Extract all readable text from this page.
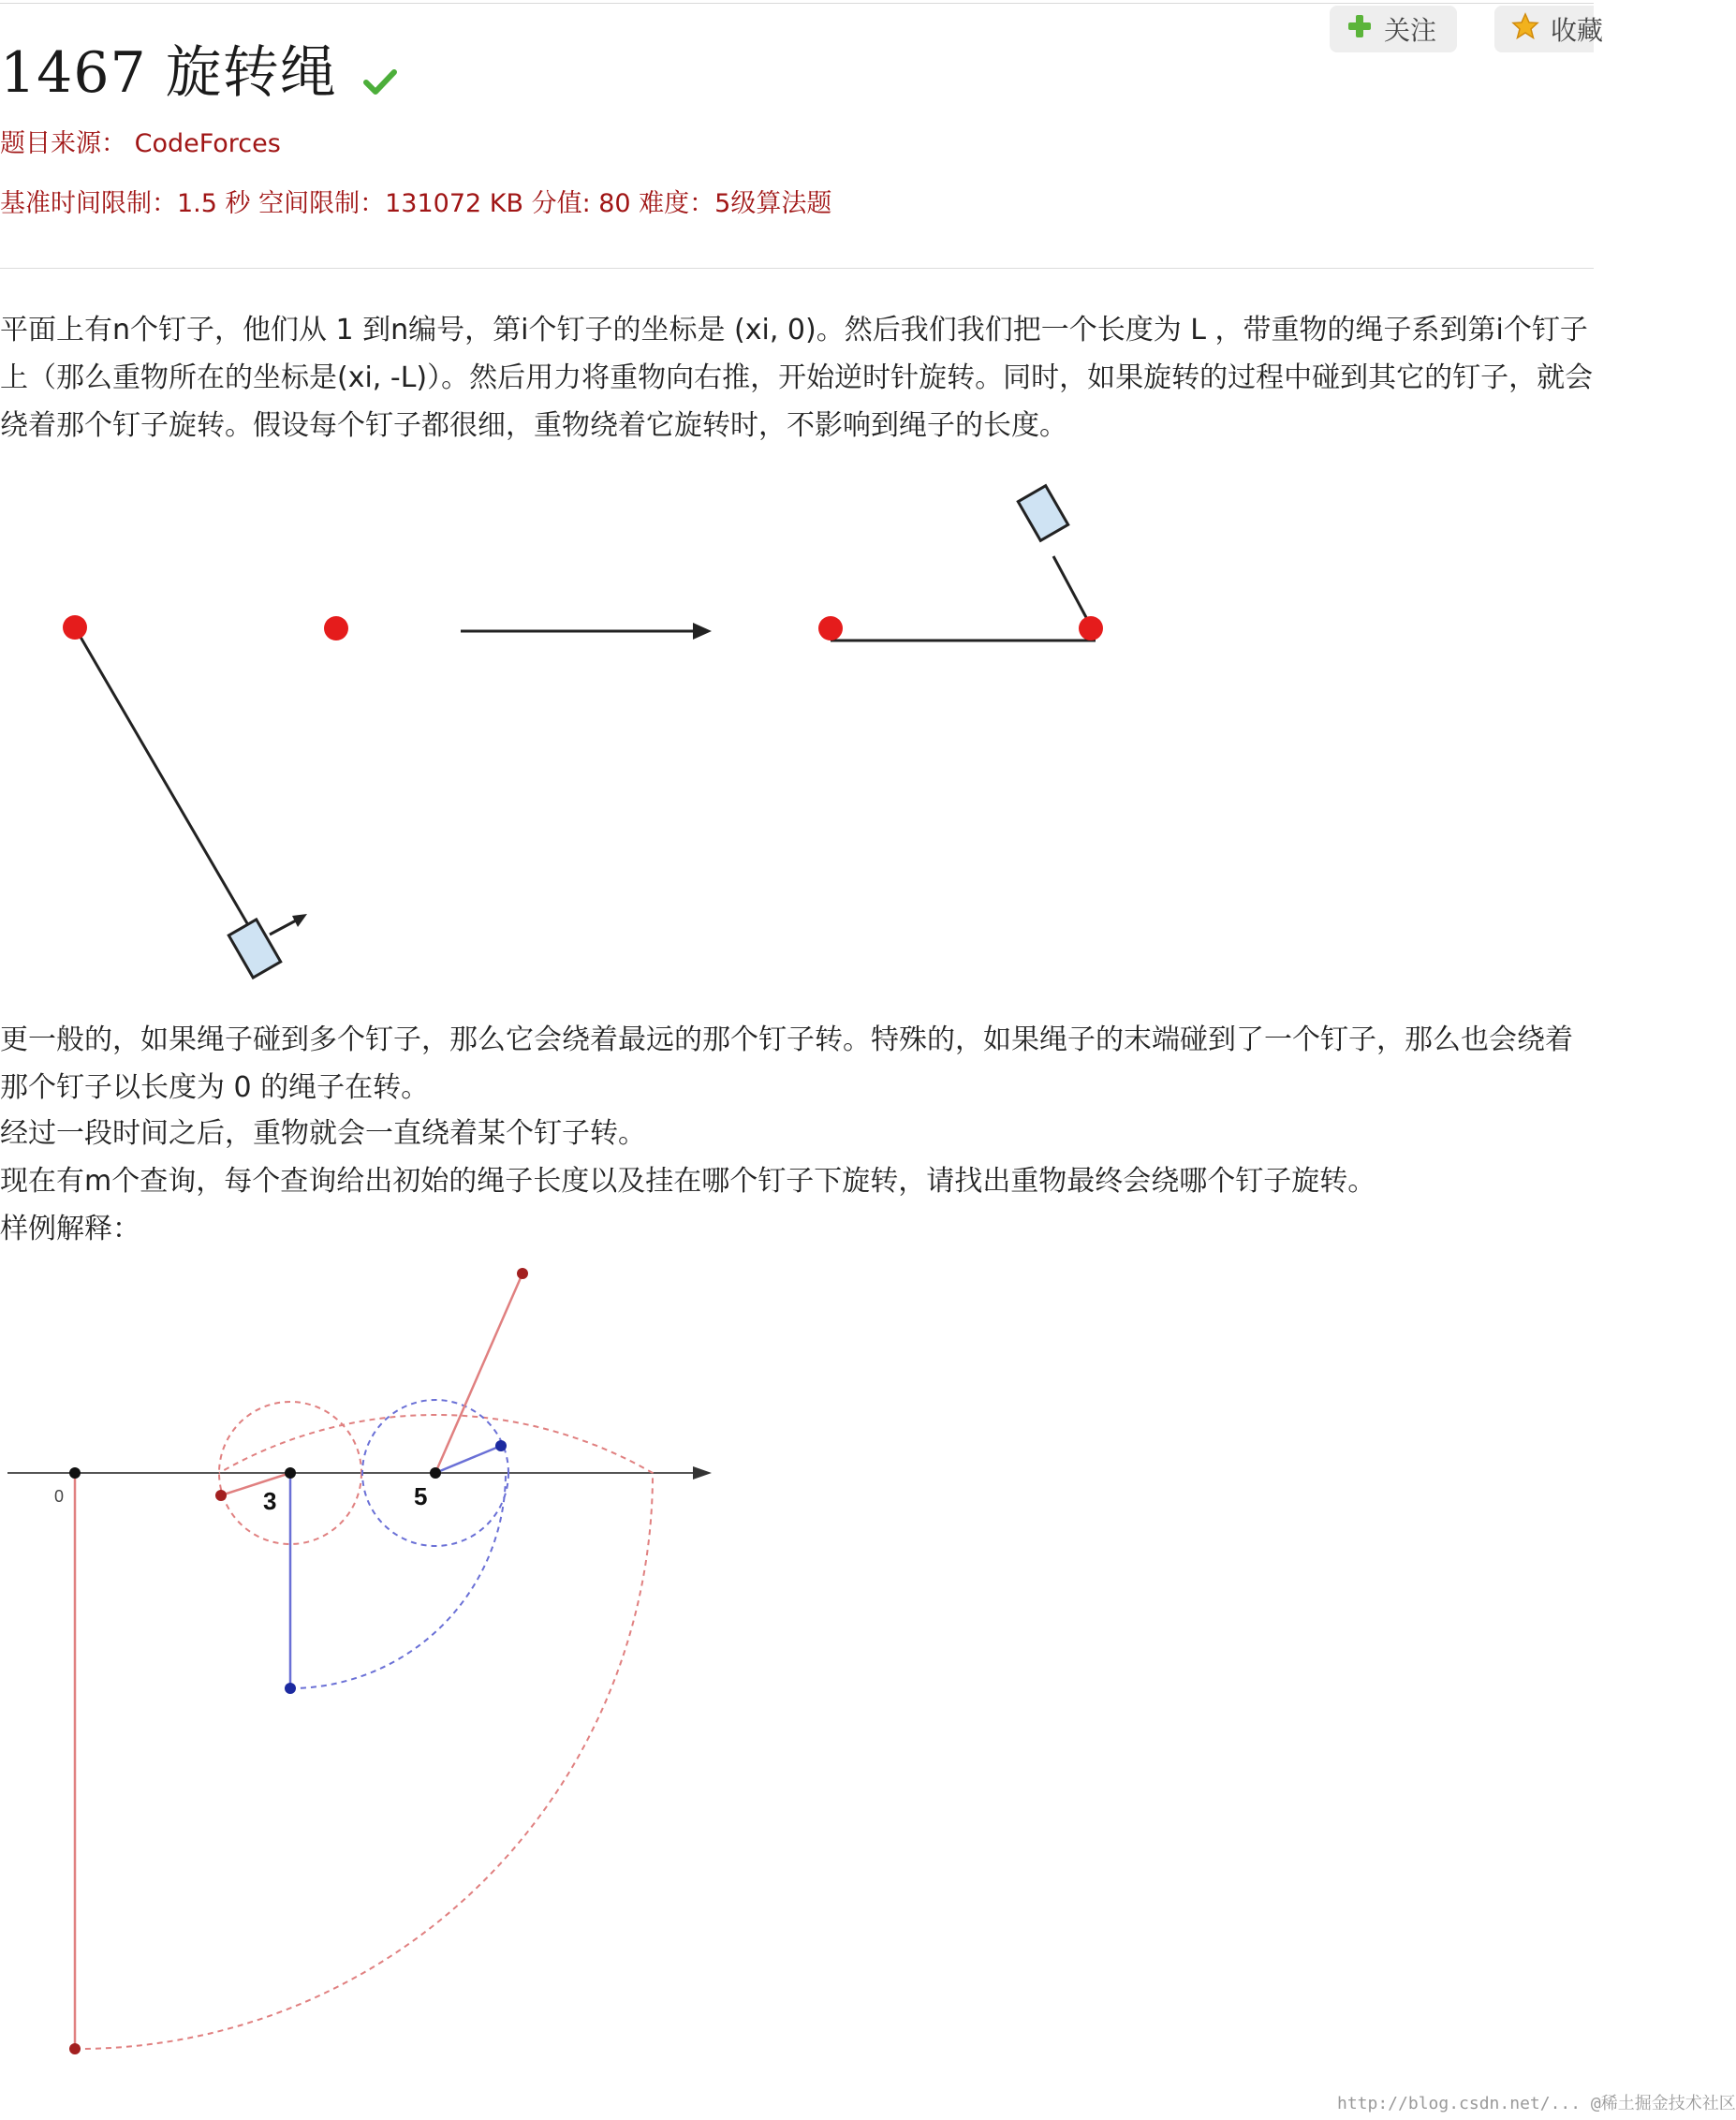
1467 旋转绳
关注	收藏
题目来源： CodeForces
基准时间限制：1.5 秒 空间限制：131072 KB 分值: 80 难度：5级算法题

平面上有n个钉子，他们从 1 到n编号，第i个钉子的坐标是 (xi, 0)。然后我们我们把一个长度为 L ，带重物的绳子系到第i个钉子上（那么重物所在的坐标是(xi, -L)）。然后用力将重物向右推，开始逆时针旋转。同时，如果旋转的过程中碰到其它的钉子，就会绕着那个钉子旋转。假设每个钉子都很细，重物绕着它旋转时，不影响到绳子的长度。

更一般的，如果绳子碰到多个钉子，那么它会绕着最远的那个钉子转。特殊的，如果绳子的末端碰到了一个钉子，那么也会绕着那个钉子以长度为 0 的绳子在转。

经过一段时间之后，重物就会一直绕着某个钉子转。

现在有m个查询，每个查询给出初始的绳子长度以及挂在哪个钉子下旋转，请找出重物最终会绕哪个钉子旋转。

样例解释：

0	3	5
http://blog.csdn.net/... @稀土掘金技术社区
